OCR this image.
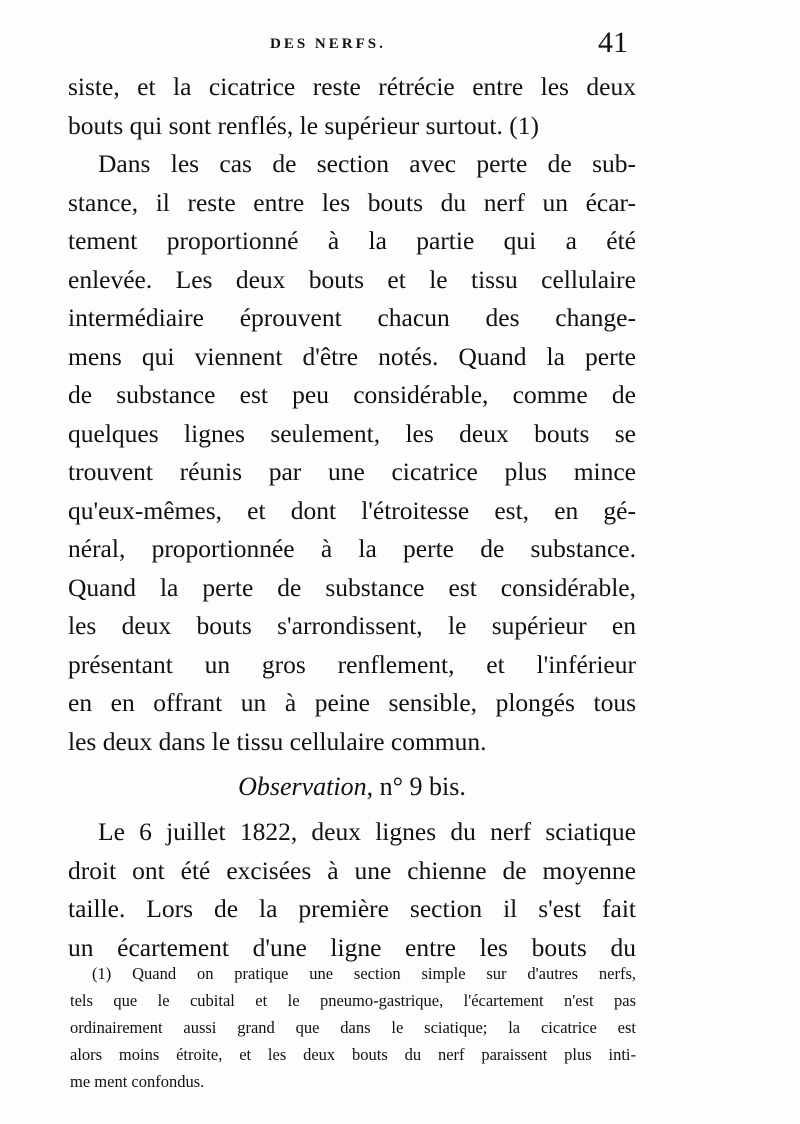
DES NERFS.	41
siste, et la cicatrice reste rétrécie entre les deux
bouts qui sont renflés, le supérieur surtout. (1)
Dans les cas de section avec perte de sub-
stance, il reste entre les bouts du nerf un écar-
tement proportionné à la partie qui a été
enlevée. Les deux bouts et le tissu cellulaire
intermédiaire éprouvent chacun des change-
mens qui viennent d'être notés. Quand la perte
de substance est peu considérable, comme de
quelques lignes seulement, les deux bouts se
trouvent réunis par une cicatrice plus mince
qu'eux-mêmes, et dont l'étroitesse est, en gé-
néral, proportionnée à la perte de substance.
Quand la perte de substance est considérable,
les deux bouts s'arrondissent, le supérieur en
présentant un gros renflement, et l'inférieur
en en offrant un à peine sensible, plongés tous
les deux dans le tissu cellulaire commun.
Observation, n° 9 bis.
Le 6 juillet 1822, deux lignes du nerf sciatique
droit ont été excisées à une chienne de moyenne
taille. Lors de la première section il s'est fait
un écartement d'une ligne entre les bouts du
(1) Quand on pratique une section simple sur d'autres nerfs,
tels que le cubital et le pneumo-gastrique, l'écartement n'est pas
ordinairement aussi grand que dans le sciatique; la cicatrice est
alors moins étroite, et les deux bouts du nerf paraissent plus inti-
me ment confondus.
